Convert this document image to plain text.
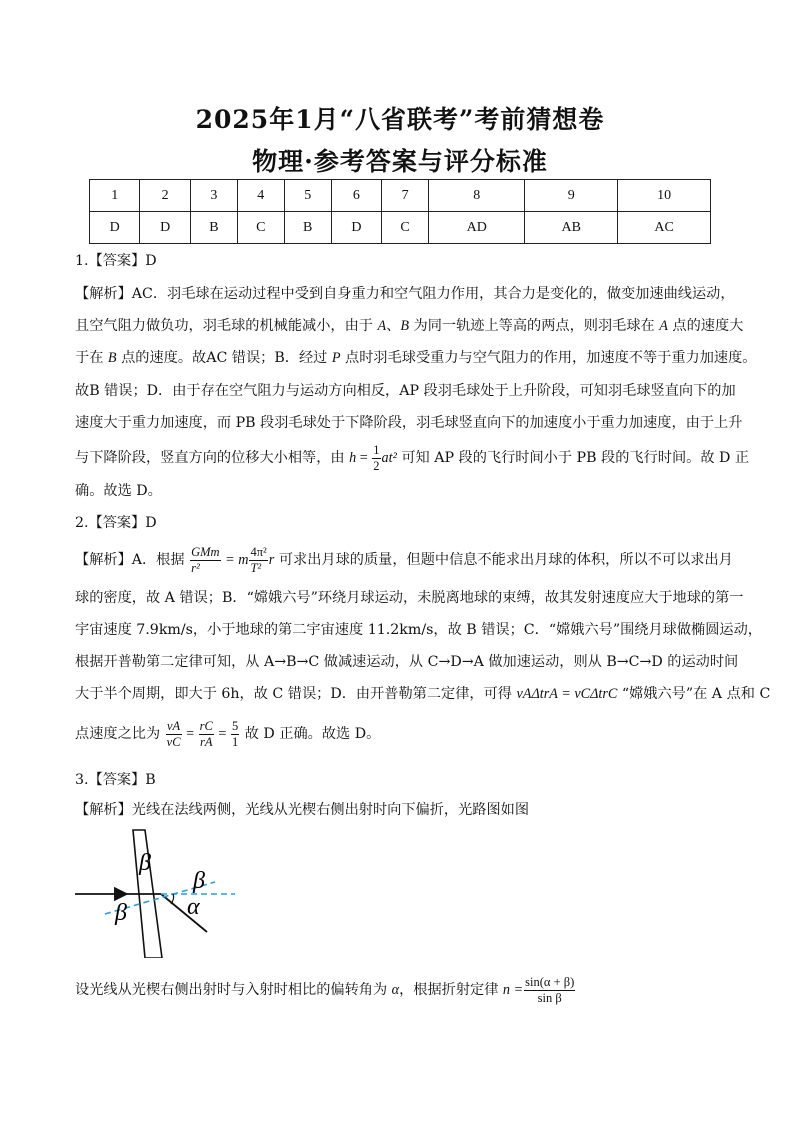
2025年1月“八省联考”考前猜想卷
物理·参考答案与评分标准
1	2	3	4	5	6	7	8	9	10
D	D	B	C	B	D	C	AD	AB	AC
1.【答案】D
【解析】AC．羽毛球在运动过程中受到自身重力和空气阻力作用，其合力是变化的，做变加速曲线运动，
且空气阻力做负功，羽毛球的机械能减小，由于 A、B 为同一轨迹上等高的两点，则羽毛球在 A 点的速度大
于在 B 点的速度。故AC 错误；B．经过 P 点时羽毛球受重力与空气阻力的作用，加速度不等于重力加速度。
故B 错误；D．由于存在空气阻力与运动方向相反，AP 段羽毛球处于上升阶段，可知羽毛球竖直向下的加
速度大于重力加速度，而 PB 段羽毛球处于下降阶段，羽毛球竖直向下的加速度小于重力加速度，由于上升
与下降阶段，竖直方向的位移大小相等，由 $h = \frac{1}{2} at^2$ 可知 AP 段的飞行时间小于 PB 段的飞行时间。故 D 正
确。故选 D。
2.【答案】D
【解析】A．根据 $\frac{\text{GMm}}{\text{r²}} = m \frac{\text{4π²}}{\text{T²}}$ r 可求出月球的质量，但题中信息不能求出月球的体积，所以不可以求出月
球的密度，故 A 错误；B．“嫦娥六号”环绕月球运动，未脱离地球的束缚，故其发射速度应大于地球的第一
宇宙速度 7.9km/s，小于地球的第二宇宙速度 11.2km/s，故 B 错误；C．“嫦娥六号”围绕月球做椭圆运动，
根据开普勒第二定律可知，从 A→B→C 做减速运动，从 C→D→A 做加速运动，则从 B→C→D 的运动时间
大于半个周期，即大于 6h，故 C 错误；D．由开普勒第二定律，可得 vAΔtrA = vCΔtrC “嫦娥六号”在 A 点和 C
点速度之比为 $\frac{vA}{vC} = \frac{rC}{rA} = \frac{5}{1}$ 故 D 正确。故选 D。
3.【答案】B
【解析】光线在法线两侧，光线从光楔右侧出射时向下偏折，光路图如图
β
β
β	α
设光线从光楔右侧出射时与入射时相比的偏转角为 α，根据折射定律 $n = \frac{\sin(\alpha + \beta)}{\text{sin β}}$
